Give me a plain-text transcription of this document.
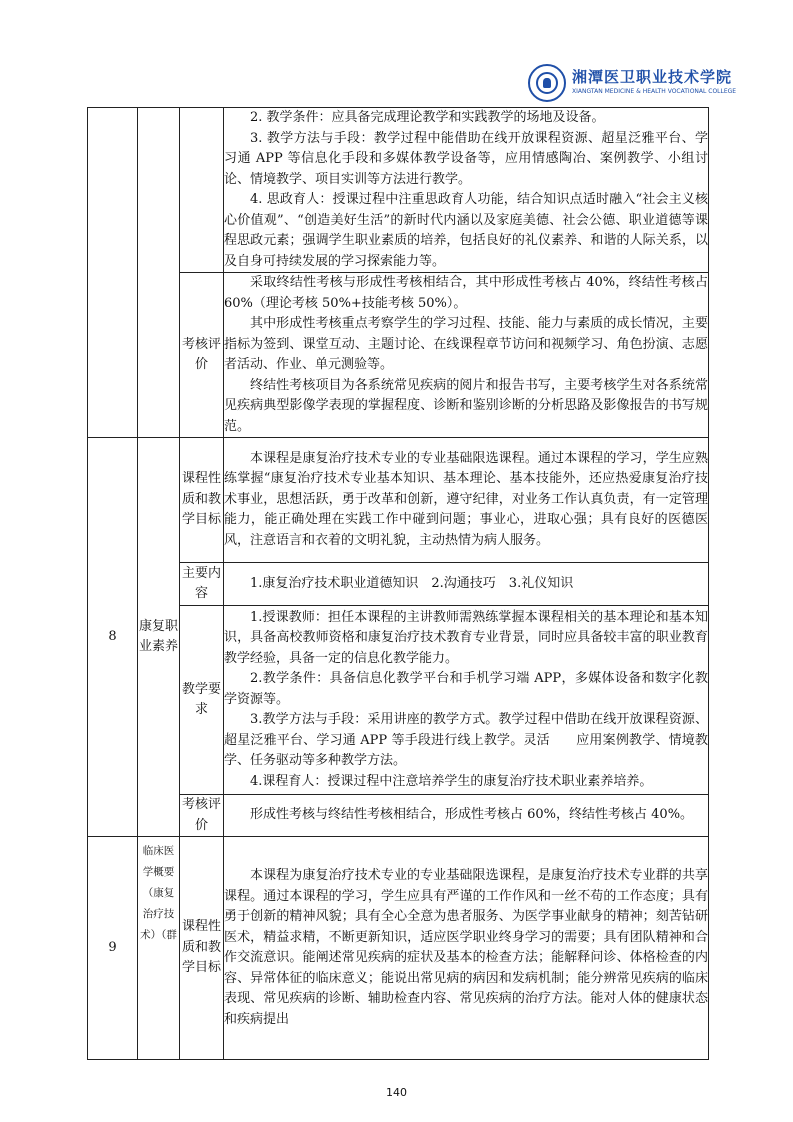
湘潭医卫职业技术学院
XIANGTAN MEDICINE & HEALTH VOCATIONAL COLLEGE

			2. 教学条件：应具备完成理论教学和实践教学的场地及设备。

3. 教学方法与手段：教学过程中能借助在线开放课程资源、超星泛雅平台、学习通 APP 等信息化手段和多媒体教学设备等，应用情感陶冶、案例教学、小组讨论、情境教学、项目实训等方法进行教学。

4. 思政育人：授课过程中注重思政育人功能，结合知识点适时融入“社会主义核心价值观”、“创造美好生活”的新时代内涵以及家庭美德、社会公德、职业道德等课程思政元素；强调学生职业素质的培养，包括良好的礼仪素养、和谐的人际关系，以及自身可持续发展的学习探索能力等。

		考核评价	采取终结性考核与形成性考核相结合，其中形成性考核占 40%，终结性考核占 60%（理论考核 50%+技能考核 50%）。

其中形成性考核重点考察学生的学习过程、技能、能力与素质的成长情况，主要指标为签到、课堂互动、主题讨论、在线课程章节访问和视频学习、角色扮演、志愿者活动、作业、单元测验等。

终结性考核项目为各系统常见疾病的阅片和报告书写，主要考核学生对各系统常见疾病典型影像学表现的掌握程度、诊断和鉴别诊断的分析思路及影像报告的书写规范。

8	康复职业素养	课程性质和教学目标	本课程是康复治疗技术专业的专业基础限选课程。通过本课程的学习，学生应熟练掌握“康复治疗技术专业基本知识、基本理论、基本技能外，还应热爱康复治疗技术事业，思想活跃，勇于改革和创新，遵守纪律，对业务工作认真负责，有一定管理能力，能正确处理在实践工作中碰到问题；事业心，进取心强；具有良好的医德医风，注意语言和衣着的文明礼貌，主动热情为病人服务。

		主要内容	1.康复治疗技术职业道德知识　2.沟通技巧　3.礼仪知识

		教学要求	1.授课教师：担任本课程的主讲教师需熟练掌握本课程相关的基本理论和基本知识，具备高校教师资格和康复治疗技术教育专业背景，同时应具备较丰富的职业教育教学经验，具备一定的信息化教学能力。

2.教学条件：具备信息化教学平台和手机学习端 APP，多媒体设备和数字化教学资源等。

3.教学方法与手段：采用讲座的教学方式。教学过程中借助在线开放课程资源、超星泛雅平台、学习通 APP 等手段进行线上教学。灵活　　应用案例教学、情境教学、任务驱动等多种教学方法。

4.课程育人：授课过程中注意培养学生的康复治疗技术职业素养培养。

		考核评价	形成性考核与终结性考核相结合，形成性考核占 60%，终结性考核占 40%。

9	临床医学概要（康复治疗技术）（群	课程性质和教学目标	本课程为康复治疗技术专业的专业基础限选课程，是康复治疗技术专业群的共享课程。通过本课程的学习，学生应具有严谨的工作作风和一丝不苟的工作态度；具有勇于创新的精神风貌；具有全心全意为患者服务、为医学事业献身的精神；刻苦钻研医术，精益求精，不断更新知识，适应医学职业终身学习的需要；具有团队精神和合作交流意识。能阐述常见疾病的症状及基本的检查方法；能解释问诊、体格检查的内容、异常体征的临床意义；能说出常见病的病因和发病机制；能分辨常见疾病的临床表现、常见疾病的诊断、辅助检查内容、常见疾病的治疗方法。能对人体的健康状态和疾病提出

140
